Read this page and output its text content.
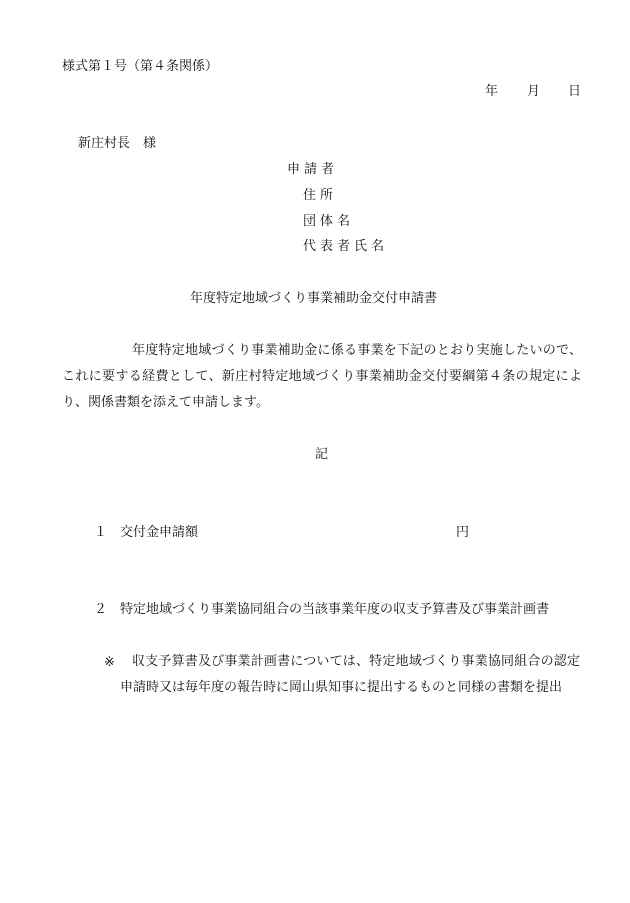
様式第１号（第４条関係）
年 月 日
新庄村長　様
申請者
住所
団体名
代表者氏名
年度特定地域づくり事業補助金交付申請書
年度特定地域づくり事業補助金に係る事業を下記のとおり実施したいので、これに要する経費として、新庄村特定地域づくり事業補助金交付要綱第４条の規定により、関係書類を添えて申請します。
記
１ 交付金申請額	円
２ 特定地域づくり事業協同組合の当該事業年度の収支予算書及び事業計画書
※	収支予算書及び事業計画書については、特定地域づくり事業協同組合の認定申請時又は毎年度の報告時に岡山県知事に提出するものと同様の書類を提出
